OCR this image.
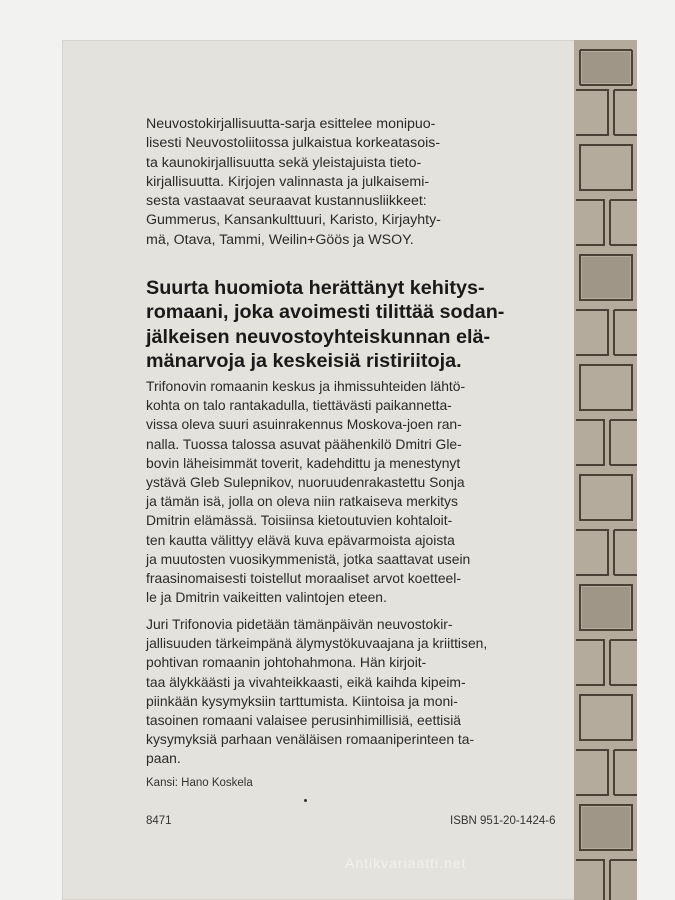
Neuvostokirjallisuutta-sarja esittelee monipuo-
lisesti Neuvostoliitossa julkaistua korkeatasois-
ta kaunokirjallisuutta sekä yleistajuista tieto-
kirjallisuutta. Kirjojen valinnasta ja julkaisemi-
sesta vastaavat seuraavat kustannusliikkeet:
Gummerus, Kansankulttuuri, Karisto, Kirjayhty-
mä, Otava, Tammi, Weilin+Göös ja WSOY.

Suurta huomiota herättänyt kehitys-
romaani, joka avoimesti tilittää sodan-
jälkeisen neuvostoyhteiskunnan elä-
mänarvoja ja keskeisiä ristiriitoja.

Trifonovin romaanin keskus ja ihmissuhteiden lähtö-
kohta on talo rantakadulla, tiettävästi paikannetta-
vissa oleva suuri asuinrakennus Moskova-joen ran-
nalla. Tuossa talossa asuvat päähenkilö Dmitri Gle-
bovin läheisimmät toverit, kadehdittu ja menestynyt
ystävä Gleb Sulepnikov, nuoruudenrakastettu Sonja
ja tämän isä, jolla on oleva niin ratkaiseva merkitys
Dmitrin elämässä. Toisiinsa kietoutuvien kohtaloit-
ten kautta välittyy elävä kuva epävarmoista ajoista
ja muutosten vuosikymmenistä, jotka saattavat usein
fraasinomaisesti toistellut moraaliset arvot koetteel-
le ja Dmitrin vaikeitten valintojen eteen.

Juri Trifonovia pidetään tämänpäivän neuvostokir-
jallisuuden tärkeimpänä älymystökuvaajana ja kriittisen,
pohtivan romaanin johtohahmona. Hän kirjoit-
taa älykkäästi ja vivahteikkaasti, eikä kaihda kipeim-
piinkään kysymyksiin tarttumista. Kiintoisa ja moni-
tasoinen romaani valaisee perusinhimillisiä, eettisiä
kysymyksiä parhaan venäläisen romaaniperinteen ta-
paan.

Kansi: Hano Koskela
8471	ISBN 951-20-1424-6
Antikvariaatti.net
